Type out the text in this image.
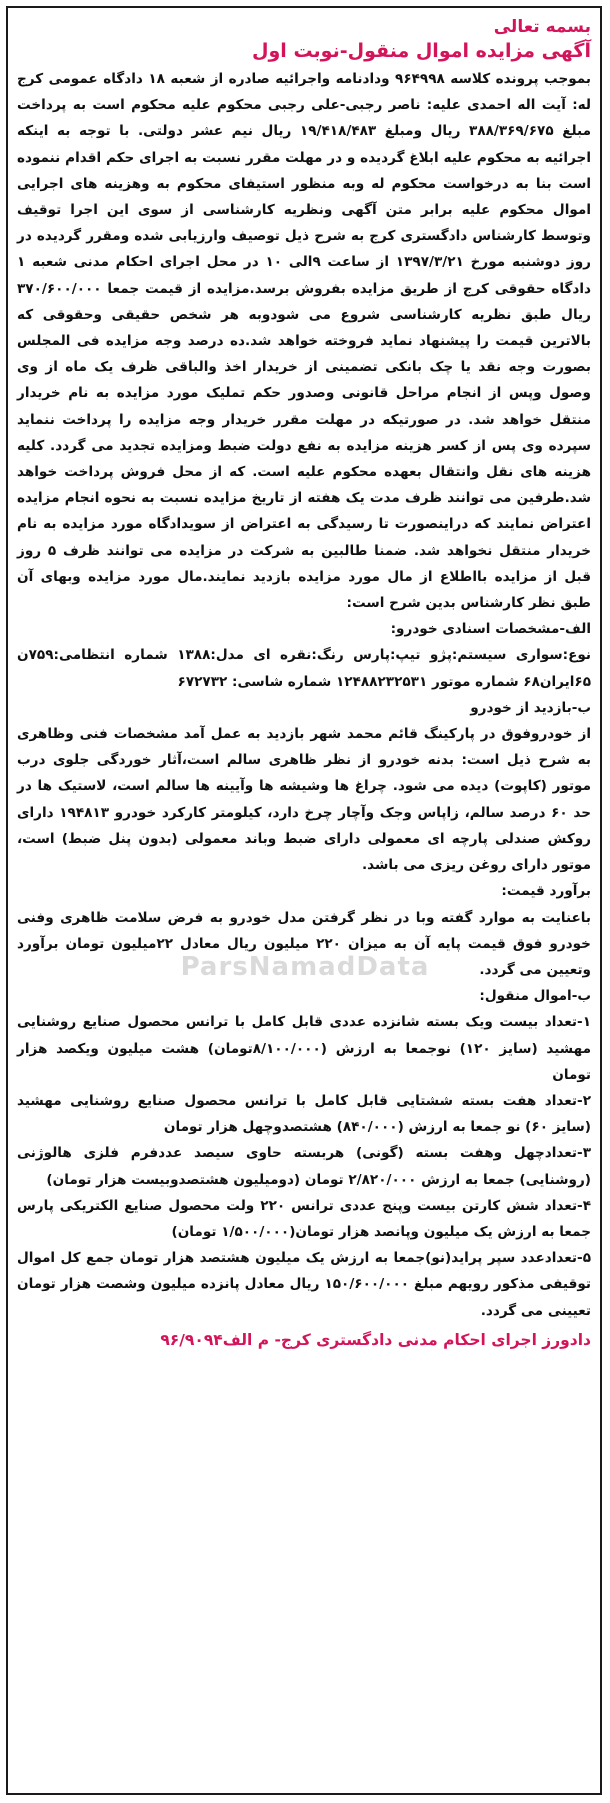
بسمه تعالی
آگهی مزایده اموال منقول-نوبت اول

بموجب پرونده کلاسه ۹۶۴۹۹۸ ودادنامه واجرائیه صادره از شعبه ۱۸ دادگاه عمومی کرج له: آیت اله احمدی علیه: ناصر رجبی-علی رجبی محکوم علیه محکوم است به پرداخت مبلغ ۳۸۸/۳۶۹/۶۷۵ ریال ومبلغ ۱۹/۴۱۸/۴۸۳ ریال نیم عشر دولتی. با توجه به اینکه اجرائیه به محکوم علیه ابلاغ گردیده و در مهلت مقرر نسبت به اجرای حکم اقدام ننموده است بنا به درخواست محکوم له وبه منظور استیفای محکوم به وهزینه های اجرایی اموال محکوم علیه برابر متن آگهی ونظریه کارشناسی از سوی این اجرا توقیف وتوسط کارشناس دادگستری کرج به شرح ذیل توصیف وارزیابی شده ومقرر گردیده در روز دوشنبه مورخ ۱۳۹۷/۳/۲۱ از ساعت ۹الی ۱۰ در محل اجرای احکام مدنی شعبه ۱ دادگاه حقوقی کرج از طریق مزایده بفروش برسد.مزایده از قیمت جمعا ۳۷۰/۶۰۰/۰۰۰ ریال طبق نظریه کارشناسی شروع می شودوبه هر شخص حقیقی وحقوقی که بالاترین قیمت را پیشنهاد نماید فروخته خواهد شد.ده درصد وجه مزایده فی المجلس بصورت وجه نقد یا چک بانکی تضمینی از خریدار اخذ والباقی ظرف یک ماه از وی وصول وپس از انجام مراحل قانونی وصدور حکم تملیک مورد مزایده به نام خریدار منتقل خواهد شد. در صورتیکه در مهلت مقرر خریدار وجه مزایده را پرداخت ننماید سپرده وی پس از کسر هزینه مزایده به نفع دولت ضبط ومزایده تجدید می گردد. کلیه هزینه های نقل وانتقال بعهده محکوم علیه است. که از محل فروش پرداخت خواهد شد.طرفین می توانند ظرف مدت یک هفته از تاریخ مزایده نسبت به نحوه انجام مزایده اعتراض نمایند که دراینصورت تا رسیدگی به اعتراض از سویدادگاه مورد مزایده به نام خریدار منتقل نخواهد شد. ضمنا طالبین به شرکت در مزایده می توانند ظرف ۵ روز قبل از مزایده بااطلاع از مال مورد مزایده بازدید نمایند.مال مورد مزایده وبهای آن طبق نظر کارشناس بدین شرح است:

الف-مشخصات اسنادی خودرو:

نوع:سواری سیستم:پژو تیپ:پارس رنگ:نقره ای مدل:۱۳۸۸ شماره انتظامی:۷۵۹ن ۶۵ایران۶۸ شماره موتور ۱۲۴۸۸۲۳۲۵۳۱ شماره شاسی: ۶۷۲۷۳۲

ب-بازدید از خودرو

از خودروفوق در پارکینگ قائم محمد شهر بازدید به عمل آمد مشخصات فنی وظاهری به شرح ذیل است: بدنه خودرو از نظر ظاهری سالم است،آثار خوردگی جلوی درب موتور (کاپوت) دیده می شود. چراغ ها وشیشه ها وآیینه ها سالم است، لاستیک ها در حد ۶۰ درصد سالم، زاپاس وجک وآچار چرخ دارد، کیلومتر کارکرد خودرو ۱۹۴۸۱۳ دارای روکش صندلی پارچه ای معمولی دارای ضبط وباند معمولی (بدون پنل ضبط) است، موتور دارای روغن ریزی می باشد.

برآورد قیمت:

باعنایت به موارد گفته وبا در نظر گرفتن مدل خودرو به فرض سلامت ظاهری وفنی خودرو فوق قیمت پایه آن به میزان ۲۲۰ میلیون ریال معادل ۲۲میلیون تومان برآورد وتعیین می گردد.

ب-اموال منقول:

۱-تعداد بیست ویک بسته شانزده عددی قابل کامل با ترانس محصول صنایع روشنایی مهشید (سایز ۱۲۰) نوجمعا به ارزش (۸/۱۰۰/۰۰۰تومان) هشت میلیون ویکصد هزار تومان

۲-تعداد هفت بسته ششتایی قابل کامل با ترانس محصول صنایع روشنایی مهشید (سایز ۶۰) نو جمعا به ارزش (۸۴۰/۰۰۰) هشتصدوچهل هزار تومان

۳-تعدادچهل وهفت بسته (گونی) هربسته حاوی سیصد عددفرم فلزی هالوژنی (روشنایی) جمعا به ارزش ۲/۸۲۰/۰۰۰ تومان (دومیلیون هشتصدوبیست هزار تومان)

۴-تعداد شش کارتن بیست وپنج عددی ترانس ۲۲۰ ولت محصول صنایع الکتریکی پارس جمعا به ارزش یک میلیون وپانصد هزار تومان(۱/۵۰۰/۰۰۰ تومان)

۵-تعدادعدد سپر پراید(نو)جمعا به ارزش یک میلیون هشتصد هزار تومان جمع کل اموال توقیفی مذکور رویهم مبلغ ۱۵۰/۶۰۰/۰۰۰ ریال معادل پانزده میلیون وشصت هزار تومان تعیینی می گردد.

دادورز اجرای احکام مدنی دادگستری کرج- م الف۹۶/۹۰۹۴
ParsNamadData
